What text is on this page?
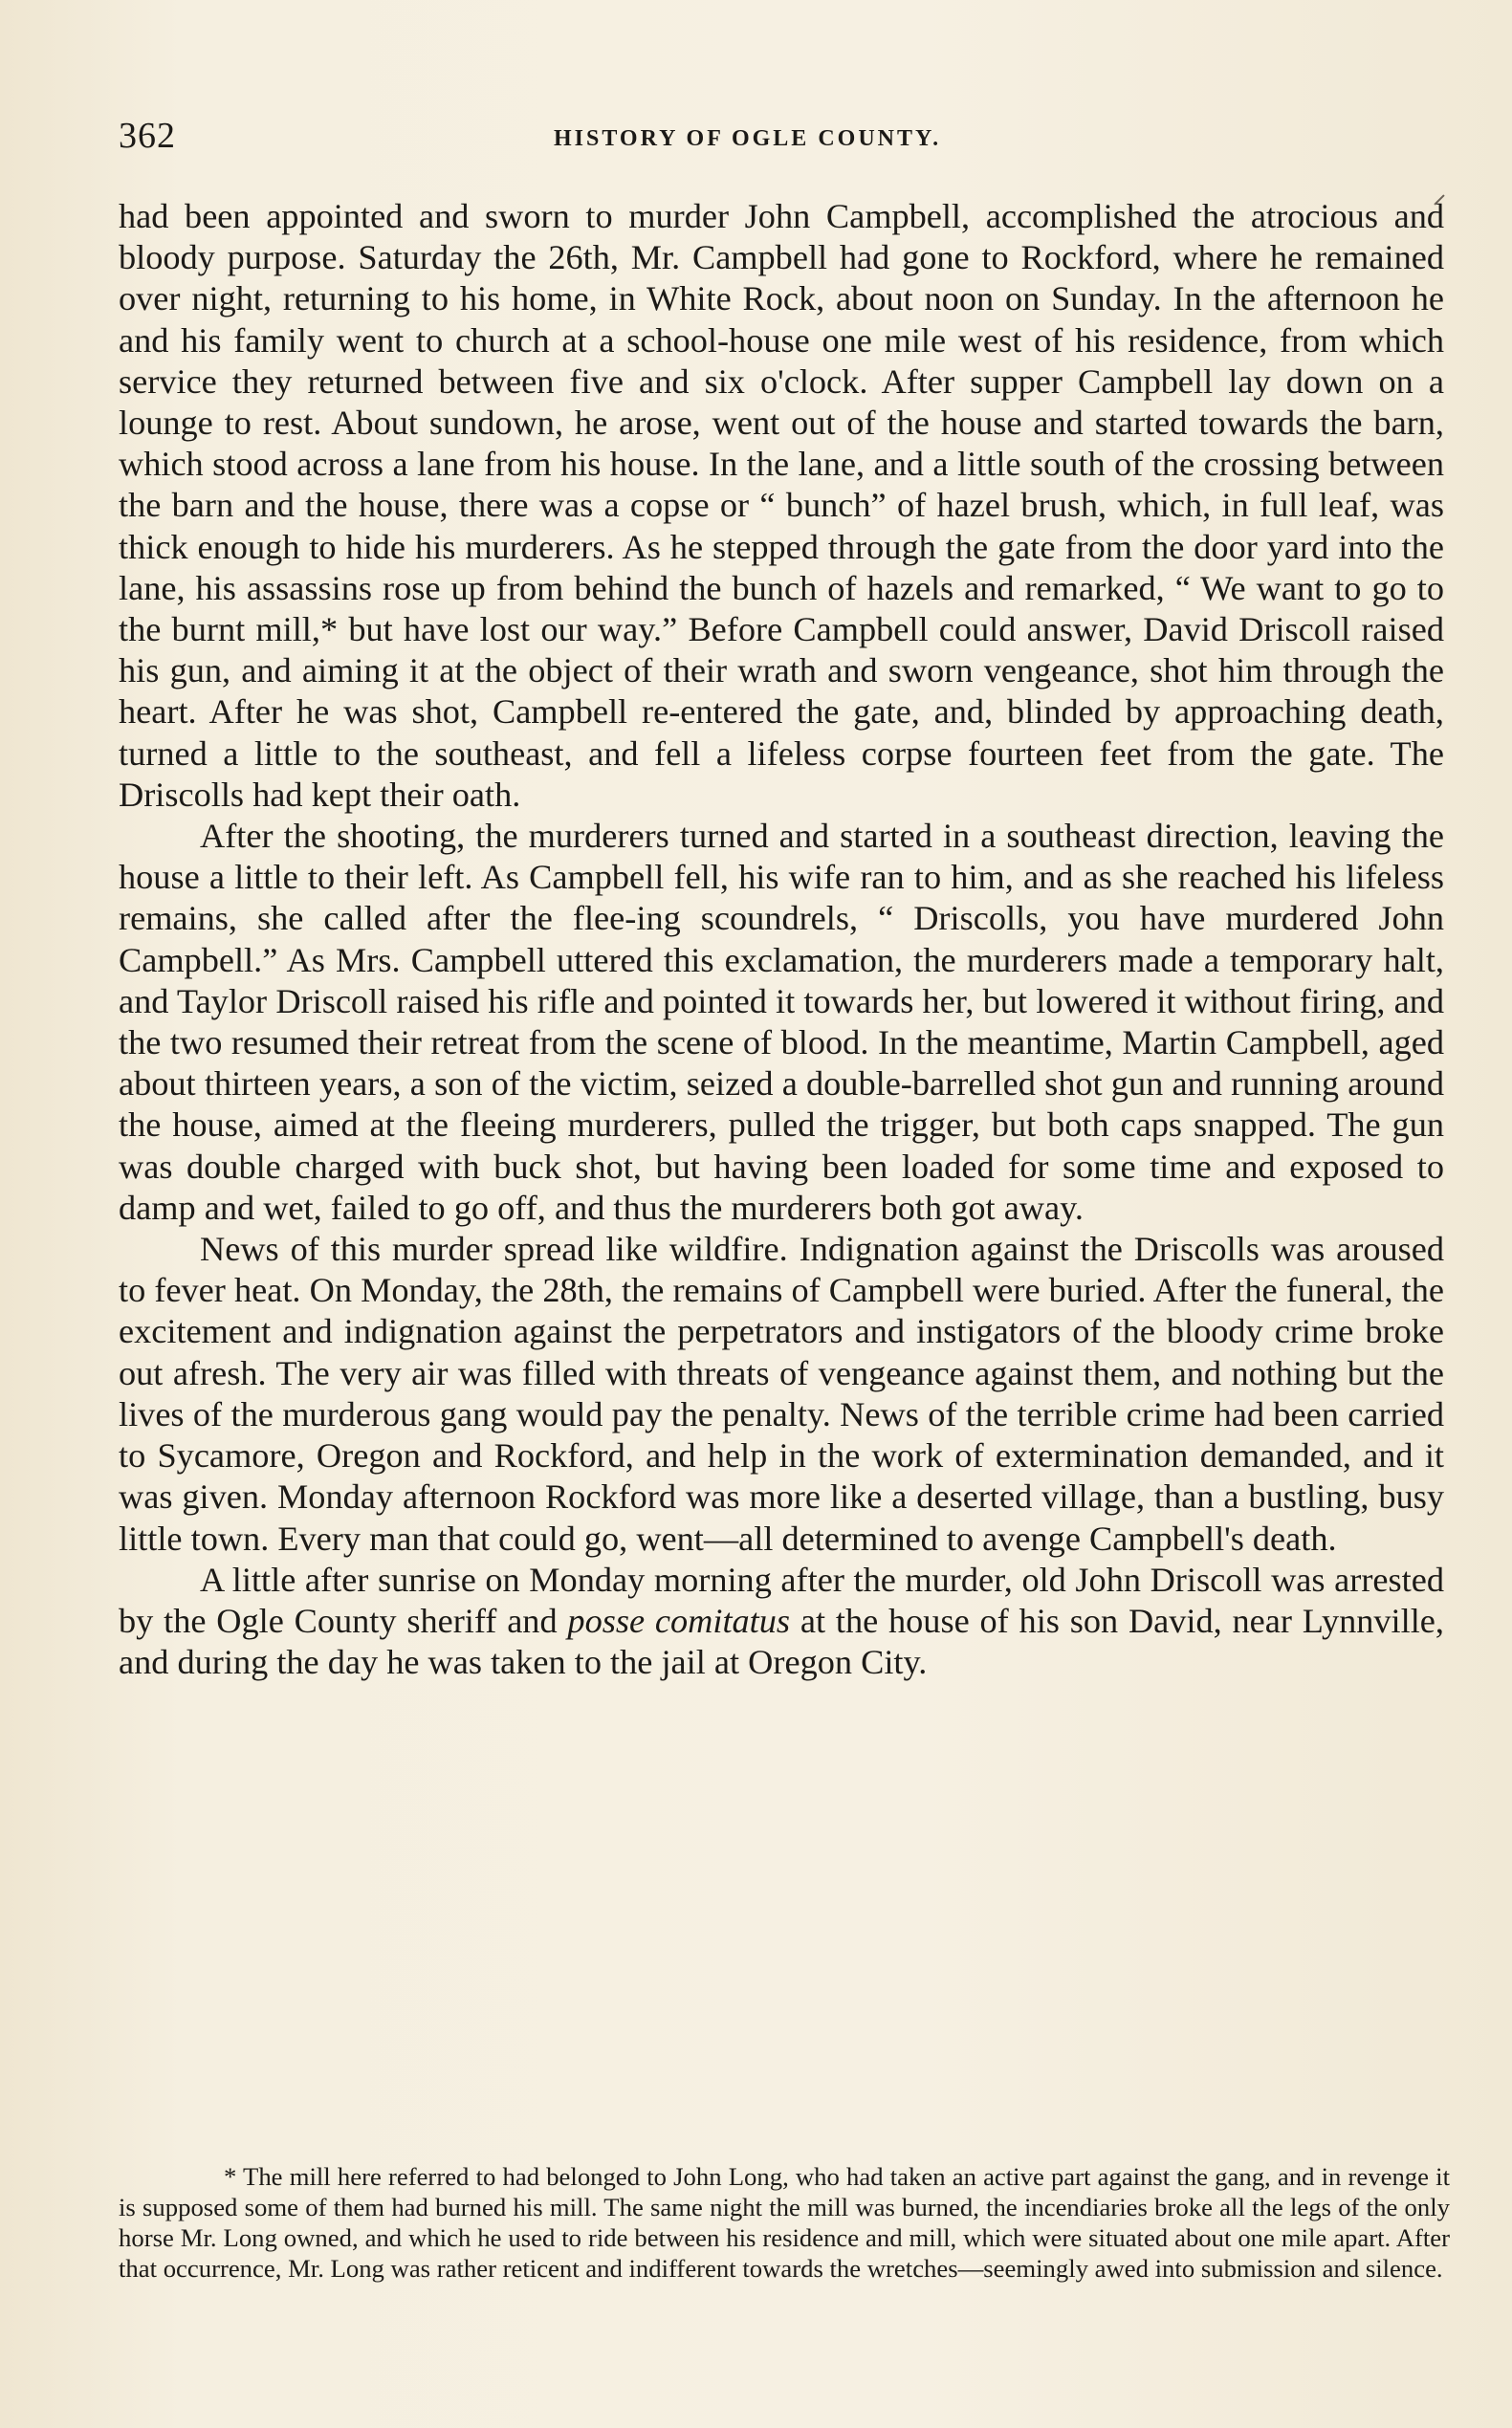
362	HISTORY OF OGLE COUNTY.

had been appointed and sworn to murder John Campbell, accomplished the atrocious and bloody purpose. Saturday the 26th, Mr. Campbell had gone to Rockford, where he remained over night, returning to his home, in White Rock, about noon on Sunday. In the afternoon he and his family went to church at a school-house one mile west of his residence, from which service they returned between five and six o'clock. After supper Campbell lay down on a lounge to rest. About sundown, he arose, went out of the house and started towards the barn, which stood across a lane from his house. In the lane, and a little south of the crossing between the barn and the house, there was a copse or “ bunch” of hazel brush, which, in full leaf, was thick enough to hide his murderers. As he stepped through the gate from the door yard into the lane, his assassins rose up from behind the bunch of hazels and remarked, “ We want to go to the burnt mill,* but have lost our way.” Before Campbell could answer, David Driscoll raised his gun, and aiming it at the object of their wrath and sworn vengeance, shot him through the heart. After he was shot, Campbell re-entered the gate, and, blinded by approaching death, turned a little to the southeast, and fell a lifeless corpse fourteen feet from the gate. The Driscolls had kept their oath.

After the shooting, the murderers turned and started in a southeast direction, leaving the house a little to their left. As Campbell fell, his wife ran to him, and as she reached his lifeless remains, she called after the flee-ing scoundrels, “ Driscolls, you have murdered John Campbell.” As Mrs. Campbell uttered this exclamation, the murderers made a temporary halt, and Taylor Driscoll raised his rifle and pointed it towards her, but lowered it without firing, and the two resumed their retreat from the scene of blood. In the meantime, Martin Campbell, aged about thirteen years, a son of the victim, seized a double-barrelled shot gun and running around the house, aimed at the fleeing murderers, pulled the trigger, but both caps snapped. The gun was double charged with buck shot, but having been loaded for some time and exposed to damp and wet, failed to go off, and thus the murderers both got away.

News of this murder spread like wildfire. Indignation against the Driscolls was aroused to fever heat. On Monday, the 28th, the remains of Campbell were buried. After the funeral, the excitement and indignation against the perpetrators and instigators of the bloody crime broke out afresh. The very air was filled with threats of vengeance against them, and nothing but the lives of the murderous gang would pay the penalty. News of the terrible crime had been carried to Sycamore, Oregon and Rockford, and help in the work of extermination demanded, and it was given. Monday afternoon Rockford was more like a deserted village, than a bustling, busy little town. Every man that could go, went—all determined to avenge Campbell's death.

A little after sunrise on Monday morning after the murder, old John Driscoll was arrested by the Ogle County sheriff and posse comitatus at the house of his son David, near Lynnville, and during the day he was taken to the jail at Oregon City.

* The mill here referred to had belonged to John Long, who had taken an active part against the gang, and in revenge it is supposed some of them had burned his mill. The same night the mill was burned, the incendiaries broke all the legs of the only horse Mr. Long owned, and which he used to ride between his residence and mill, which were situated about one mile apart. After that occurrence, Mr. Long was rather reticent and indifferent towards the wretches—seemingly awed into submission and silence.
